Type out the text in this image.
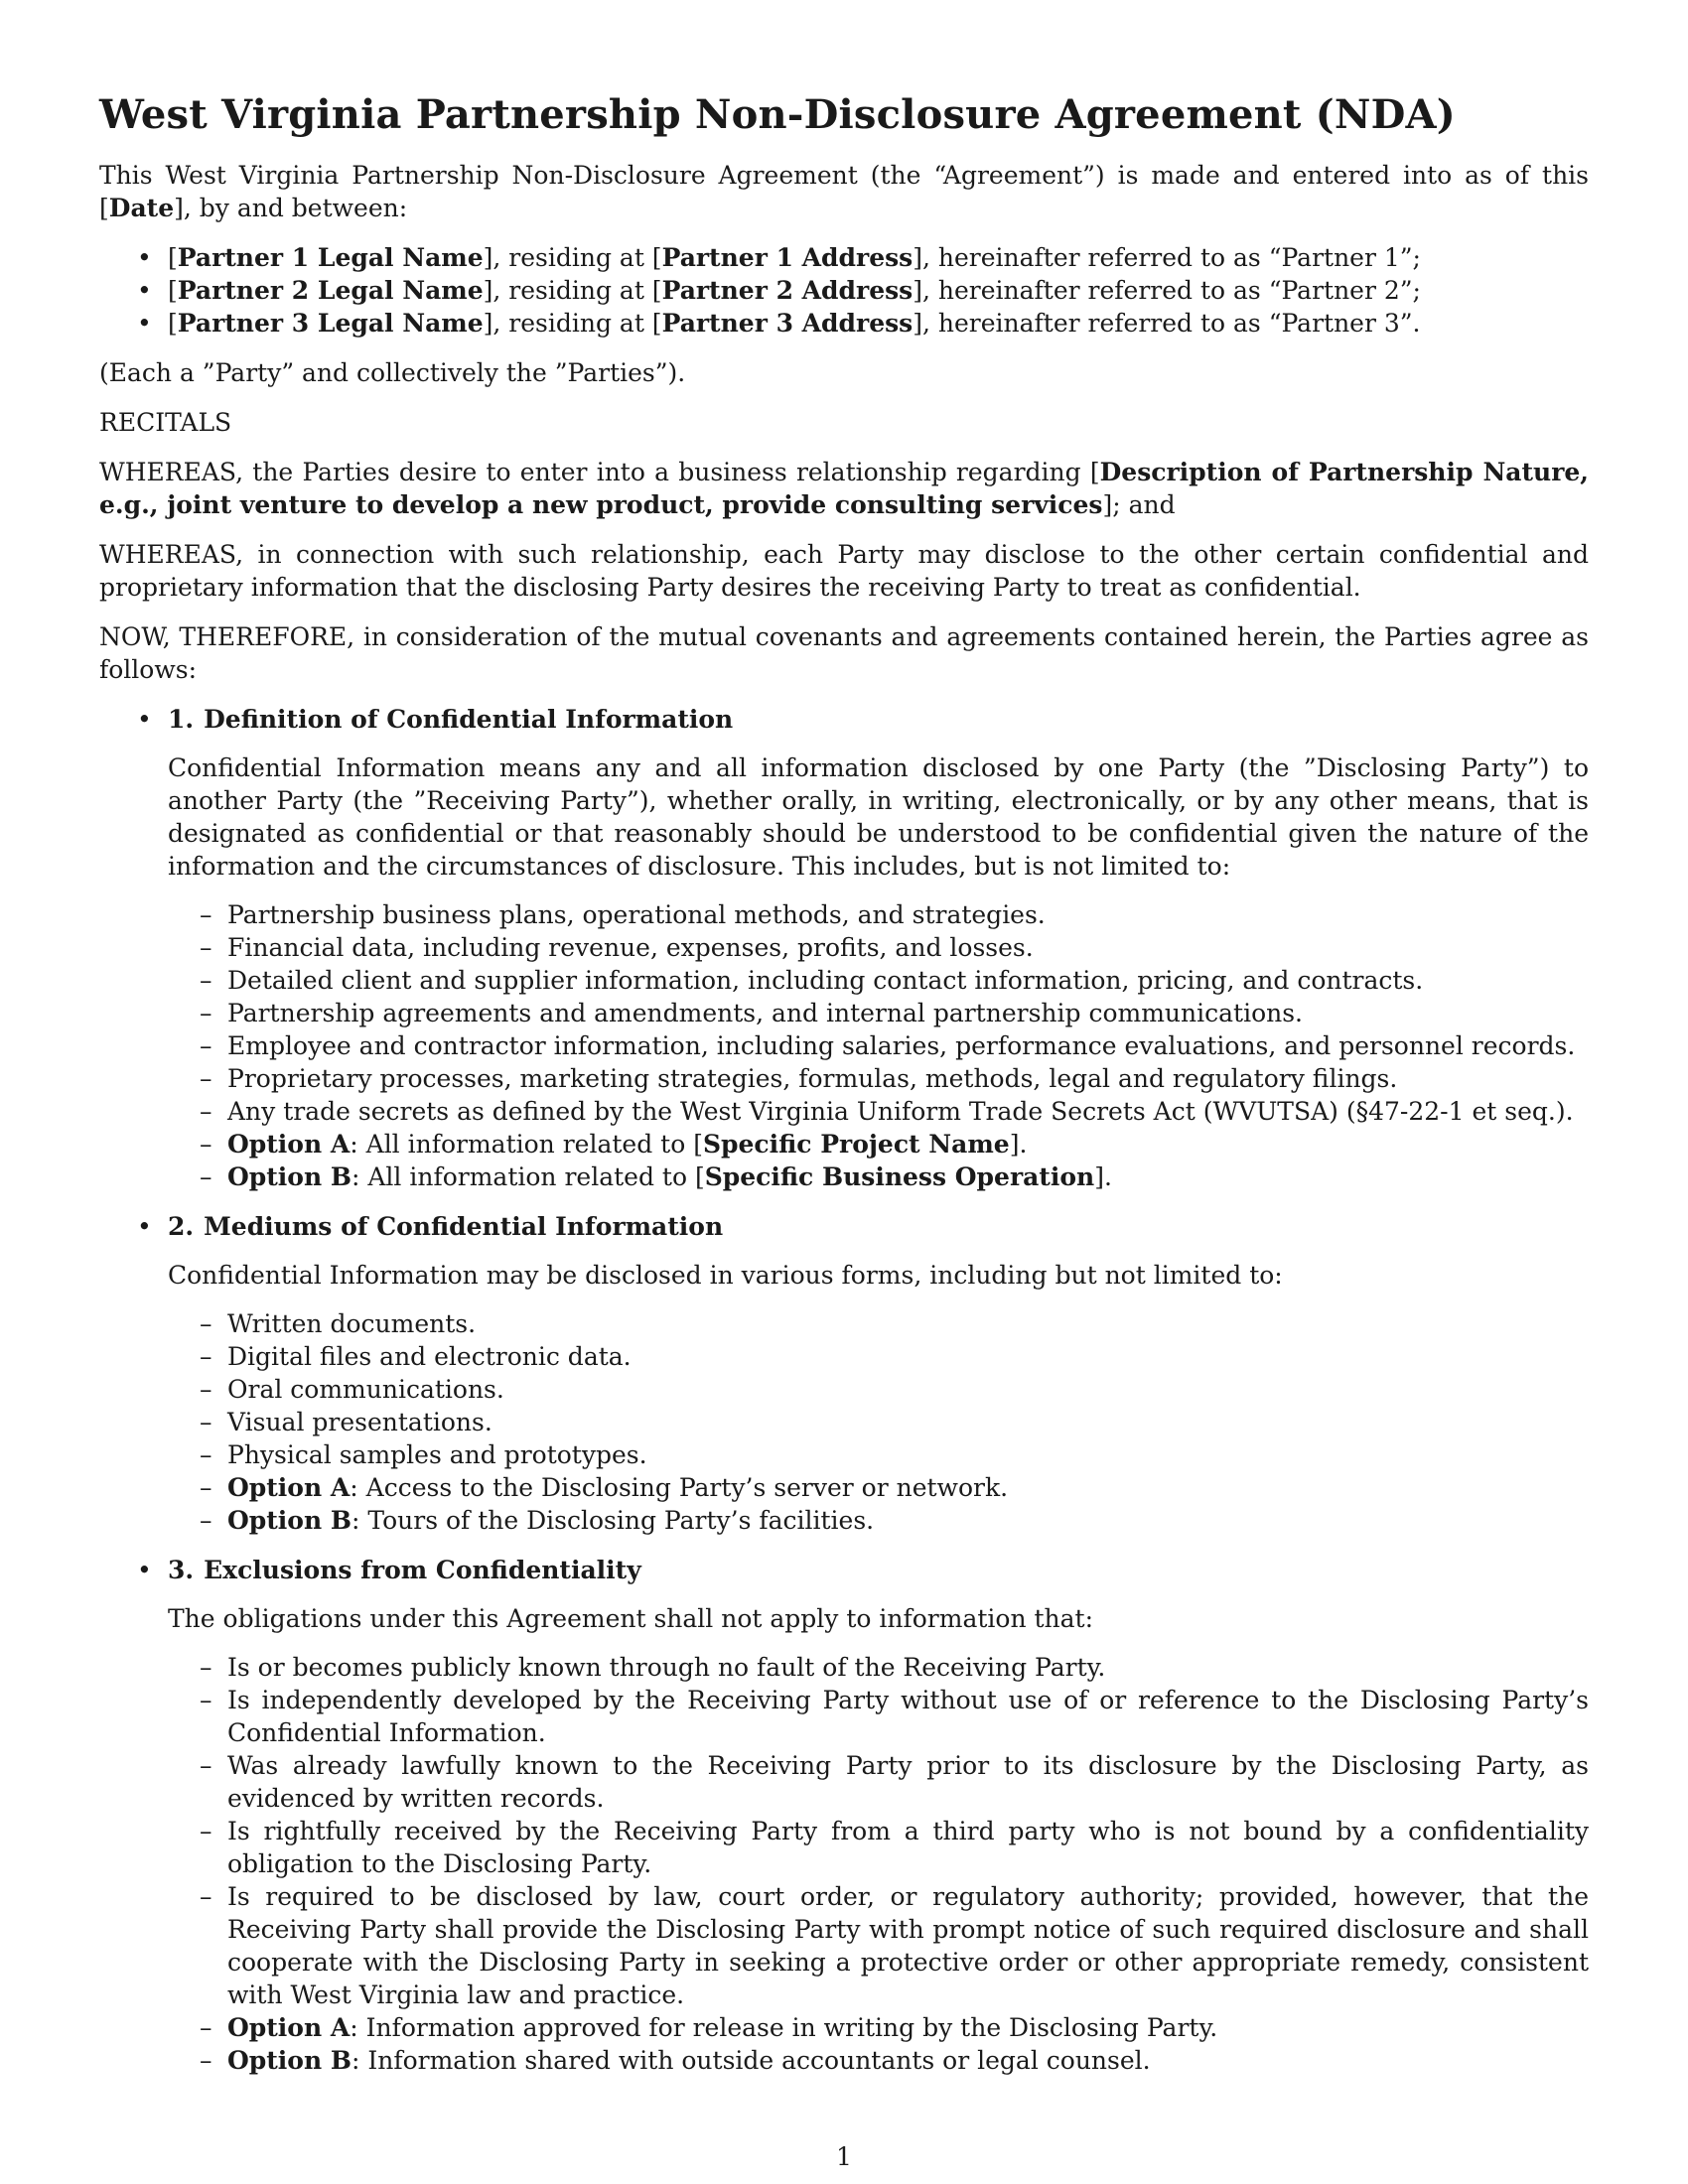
West Virginia Partnership Non-Disclosure Agreement (NDA)

This West Virginia Partnership Non-Disclosure Agreement (the “Agreement”) is made and entered into as of this [Date], by and between:

• [Partner 1 Legal Name], residing at [Partner 1 Address], hereinafter referred to as “Partner 1”;
• [Partner 2 Legal Name], residing at [Partner 2 Address], hereinafter referred to as “Partner 2”;
• [Partner 3 Legal Name], residing at [Partner 3 Address], hereinafter referred to as “Partner 3”.

(Each a ”Party” and collectively the ”Parties”).

RECITALS

WHEREAS, the Parties desire to enter into a business relationship regarding [Description of Partnership Nature, e.g., joint venture to develop a new product, provide consulting services]; and

WHEREAS, in connection with such relationship, each Party may disclose to the other certain confidential and proprietary information that the disclosing Party desires the receiving Party to treat as confidential.

NOW, THEREFORE, in consideration of the mutual covenants and agreements contained herein, the Parties agree as follows:

• 1. Definition of Confidential Information

Confidential Information means any and all information disclosed by one Party (the ”Disclosing Party”) to another Party (the ”Receiving Party”), whether orally, in writing, electronically, or by any other means, that is designated as confidential or that reasonably should be understood to be confidential given the nature of the information and the circumstances of disclosure. This includes, but is not limited to:

– Partnership business plans, operational methods, and strategies.
– Financial data, including revenue, expenses, profits, and losses.
– Detailed client and supplier information, including contact information, pricing, and contracts.
– Partnership agreements and amendments, and internal partnership communications.
– Employee and contractor information, including salaries, performance evaluations, and personnel records.
– Proprietary processes, marketing strategies, formulas, methods, legal and regulatory filings.
– Any trade secrets as defined by the West Virginia Uniform Trade Secrets Act (WVUTSA) (§47-22-1 et seq.).
– Option A: All information related to [Specific Project Name].
– Option B: All information related to [Specific Business Operation].
• 2. Mediums of Confidential Information

Confidential Information may be disclosed in various forms, including but not limited to:

– Written documents.
– Digital files and electronic data.
– Oral communications.
– Visual presentations.
– Physical samples and prototypes.
– Option A: Access to the Disclosing Party’s server or network.
– Option B: Tours of the Disclosing Party’s facilities.
• 3. Exclusions from Confidentiality

The obligations under this Agreement shall not apply to information that:

– Is or becomes publicly known through no fault of the Receiving Party.
– Is independently developed by the Receiving Party without use of or reference to the Disclosing Party’s Confidential Information.
– Was already lawfully known to the Receiving Party prior to its disclosure by the Disclosing Party, as evidenced by written records.
– Is rightfully received by the Receiving Party from a third party who is not bound by a confidentiality obligation to the Disclosing Party.
– Is required to be disclosed by law, court order, or regulatory authority; provided, however, that the Receiving Party shall provide the Disclosing Party with prompt notice of such required disclosure and shall cooperate with the Disclosing Party in seeking a protective order or other appropriate remedy, consistent with West Virginia law and practice.
– Option A: Information approved for release in writing by the Disclosing Party.
– Option B: Information shared with outside accountants or legal counsel.
1
